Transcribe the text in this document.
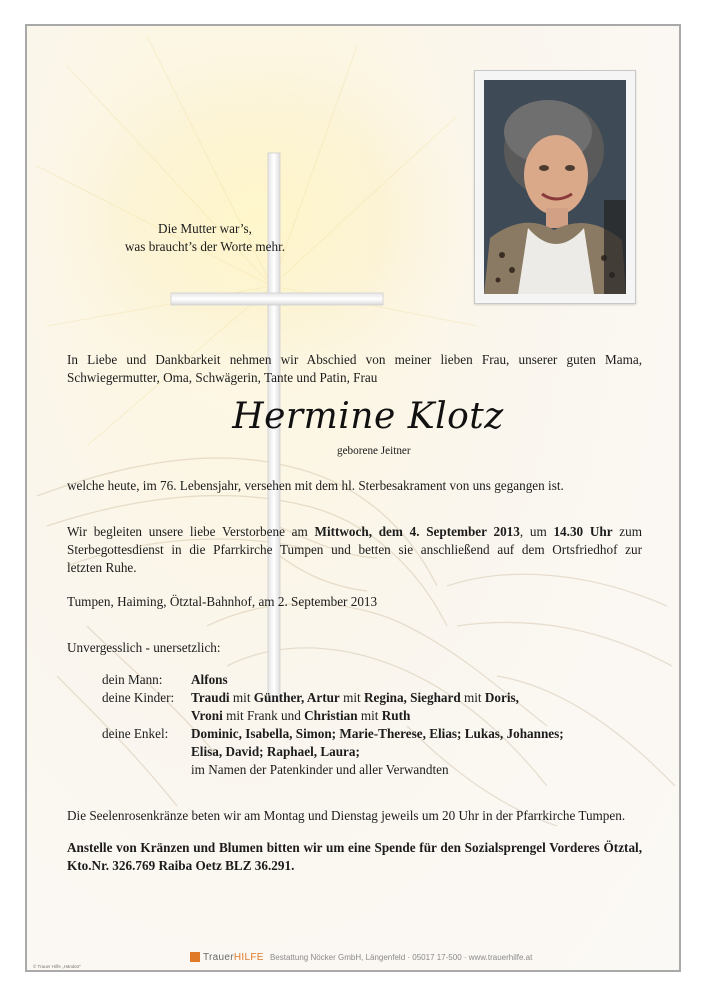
Die Mutter war’s,
was braucht’s der Worte mehr.

In Liebe und Dankbarkeit nehmen wir Abschied von meiner lieben Frau, unserer guten Mama,

Schwiegermutter, Oma, Schwägerin, Tante und Patin, Frau

Hermine Klotz
geborene Jeitner

welche heute, im 76. Lebensjahr, versehen mit dem hl. Sterbesakrament von uns gegangen ist.

Wir begleiten unsere liebe Verstorbene am Mittwoch, dem 4. September 2013, um 14.30 Uhr zum

Sterbegottesdienst in die Pfarrkirche Tumpen und betten sie anschließend auf dem Ortsfriedhof zur

letzten Ruhe.

Tumpen, Haiming, Ötztal-Bahnhof, am 2. September 2013

Unvergesslich - unersetzlich:

dein Mann: Alfons
deine Kinder: Traudi mit Günther, Artur mit Regina, Sieghard mit Doris,
Vroni mit Frank und Christian mit Ruth
deine Enkel: Dominic, Isabella, Simon; Marie-Therese, Elias; Lukas, Johannes;
Elisa, David; Raphael, Laura;
im Namen der Patenkinder und aller Verwandten

Die Seelenrosenkränze beten wir am Montag und Dienstag jeweils um 20 Uhr in der Pfarrkirche Tumpen.

Anstelle von Kränzen und Blumen bitten wir um eine Spende für den Sozialsprengel Vorderes Ötztal,

Kto.Nr. 326.769 Raiba Oetz BLZ 36.291.

© Trauer Hilfe „Hände2“
TrauerHILFE Bestattung Nöcker GmbH, Längenfeld · 05017 17-500 · www.trauerhilfe.at
